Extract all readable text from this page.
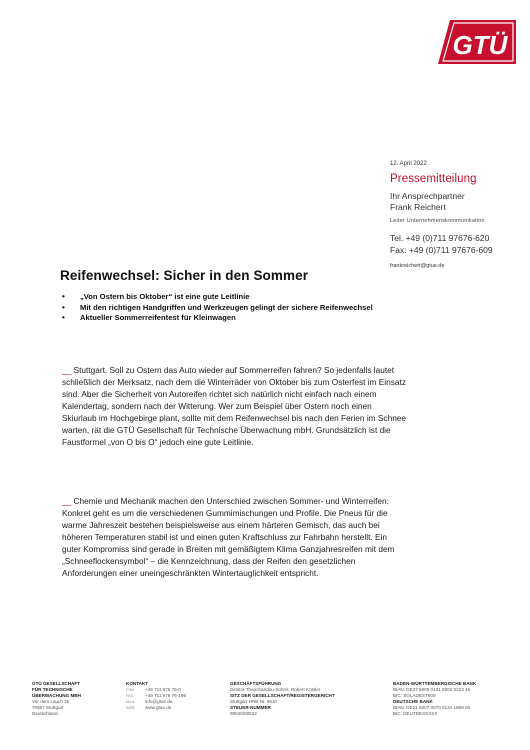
GTÜ
12. April 2022
Pressemitteilung
Ihr Ansprechpartner
Frank Reichert
Leiter Unternehmenskommunikation
Tel. +49 (0)711 97676-620
Fax: +49 (0)711 97676-609
frankreichert@gtue.de
Reifenwechsel: Sicher in den Sommer
• „Von Ostern bis Oktober“ ist eine gute Leitlinie
• Mit den richtigen Handgriffen und Werkzeugen gelingt der sichere Reifenwechsel
• Aktueller Sommerreifentest für Kleinwagen

__ Stuttgart. Soll zu Ostern das Auto wieder auf Sommerreifen fahren? So jedenfalls lautet schließlich der Merksatz, nach dem die Winterräder von Oktober bis zum Osterfest im Einsatz sind. Aber die Sicherheit von Autoreifen richtet sich natürlich nicht einfach nach einem Kalendertag, sondern nach der Witterung. Wer zum Beispiel über Ostern noch einen Skiurlaub im Hochgebirge plant, sollte mit dem Reifenwechsel bis nach den Ferien im Schnee warten, rät die GTÜ Gesellschaft für Technische Überwachung mbH. Grundsätzlich ist die Faustformel „von O bis O“ jedoch eine gute Leitlinie.

__ Chemie und Mechanik machen den Unterschied zwischen Sommer- und Winterreifen: Konkret geht es um die verschiedenen Gummimischungen und Profile. Die Pneus für die warme Jahreszeit bestehen beispielsweise aus einem härteren Gemisch, das auch bei höheren Temperaturen stabil ist und einen guten Kraftschluss zur Fahrbahn herstellt. Ein guter Kompromiss sind gerade in Breiten mit gemäßigtem Klima Ganzjahresreifen mit dem „Schneeflockensymbol“ – die Kennzeichnung, dass der Reifen den gesetzlichen Anforderungen einer uneingeschränkten Wintertauglichkeit entspricht.

GTÜ GESELLSCHAFT
FÜR TECHNISCHE
ÜBERWACHUNG MBH
Vor dem Lauch 25
70567 Stuttgart
Deutschland
KONTAKT
FON	+49 711 976 76-0
FAX	+49 711 976 76-199
MAIL	info@gtue.de
WEB	www.gtue.de
GESCHÄFTSFÜHRUNG
Dimitra Theocharidou-Sohns, Robert Köstler
SITZ DER GESELLSCHAFT/REGISTERGERICHT
Stuttgart HRB Nr. 9610
STEUER-NUMMER
99040/00522
BADEN-WÜRTTEMBERGISCHE BANK
IBAN: DE37 6005 0101 0002 3223 46
BIC: SOLADEST600
DEUTSCHE BANK
IBAN: DE21 6007 0070 0134 1809 00
BIC: DEUTDESSXXX
